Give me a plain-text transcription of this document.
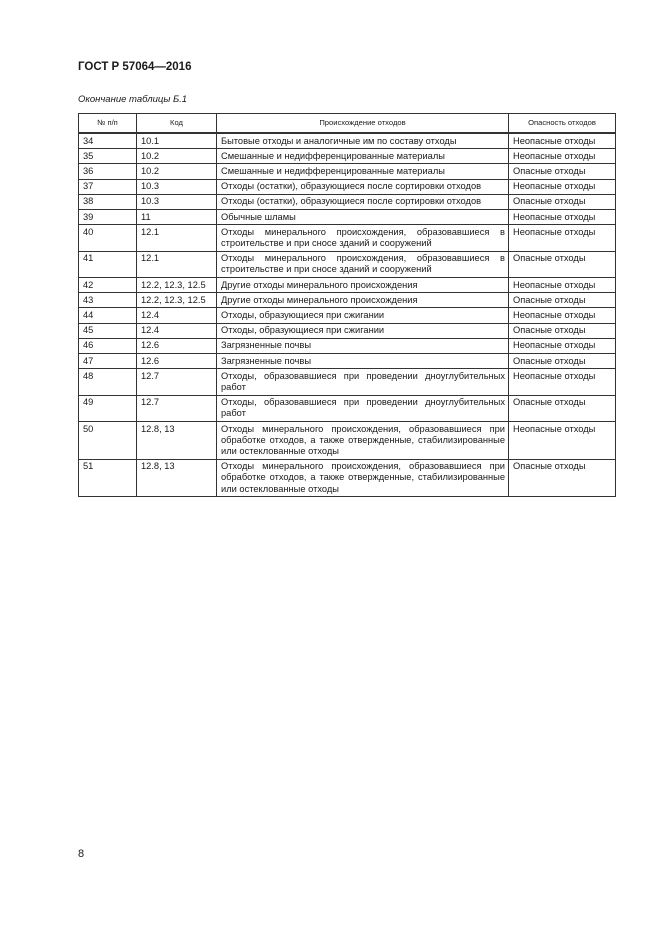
ГОСТ Р 57064—2016
Окончание таблицы Б.1
№ п/п	Код	Происхождение отходов	Опасность отходов
34	10.1	Бытовые отходы и аналогичные им по составу отходы	Неопасные отходы
35	10.2	Смешанные и недифференцированные материалы	Неопасные отходы
36	10.2	Смешанные и недифференцированные материалы	Опасные отходы
37	10.3	Отходы (остатки), образующиеся после сортировки отходов	Неопасные отходы
38	10.3	Отходы (остатки), образующиеся после сортировки отходов	Опасные отходы
39	11	Обычные шламы	Неопасные отходы
40	12.1	Отходы минерального происхождения, образовавшиеся в строительстве и при сносе зданий и сооружений	Неопасные отходы
41	12.1	Отходы минерального происхождения, образовавшиеся в строительстве и при сносе зданий и сооружений	Опасные отходы
42	12.2, 12.3, 12.5	Другие отходы минерального происхождения	Неопасные отходы
43	12.2, 12.3, 12.5	Другие отходы минерального происхождения	Опасные отходы
44	12.4	Отходы, образующиеся при сжигании	Неопасные отходы
45	12.4	Отходы, образующиеся при сжигании	Опасные отходы
46	12.6	Загрязненные почвы	Неопасные отходы
47	12.6	Загрязненные почвы	Опасные отходы
48	12.7	Отходы, образовавшиеся при проведении дноуглубительных работ	Неопасные отходы
49	12.7	Отходы, образовавшиеся при проведении дноуглубительных работ	Опасные отходы
50	12.8, 13	Отходы минерального происхождения, образовавшиеся при обработке отходов, а также отвержденные, стабилизированные или остеклованные отходы	Неопасные отходы
51	12.8, 13	Отходы минерального происхождения, образовавшиеся при обработке отходов, а также отвержденные, стабилизированные или остеклованные отходы	Опасные отходы
8
